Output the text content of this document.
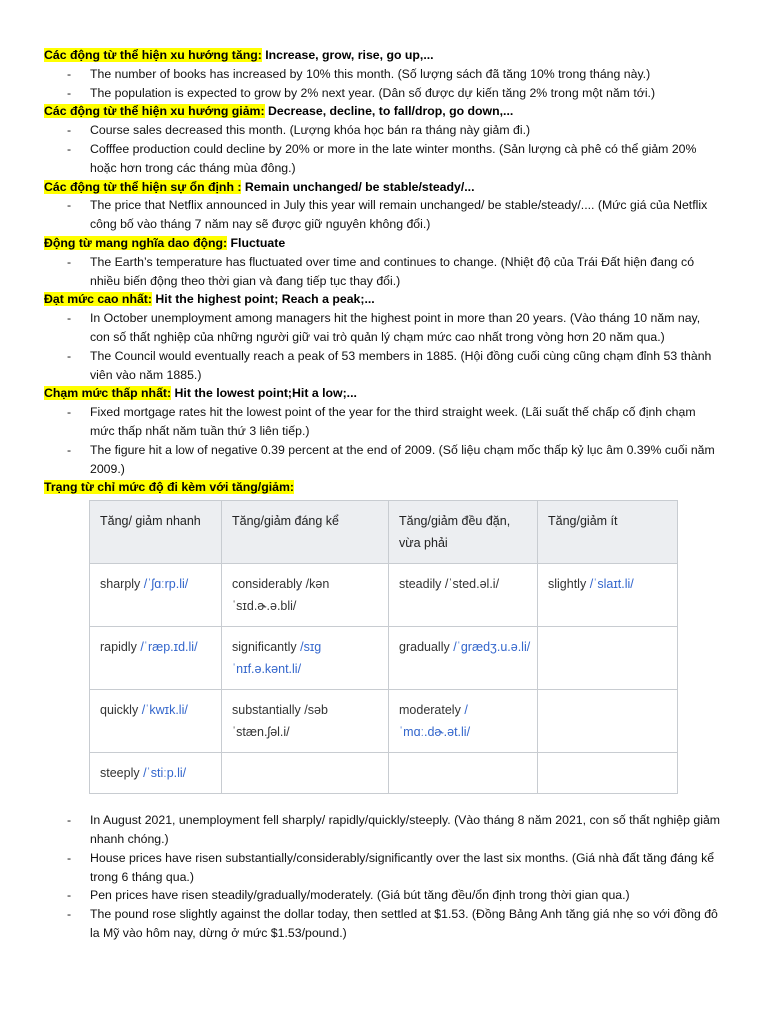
Các động từ thể hiện xu hướng tăng: Increase, grow, rise, go up,...
- The number of books has increased by 10% this month. (Số lượng sách đã tăng 10% trong tháng này.)
- The population is expected to grow by 2% next year. (Dân số được dự kiến tăng 2% trong một năm tới.)
Các động từ thể hiện xu hướng giảm: Decrease, decline, to fall/drop, go down,...
- Course sales decreased this month. (Lượng khóa học bán ra tháng này giảm đi.)
- Cofffee production could decline by 20% or more in the late winter months. (Sản lượng cà phê có thể giảm 20% hoặc hơn trong các tháng mùa đông.)
Các động từ thể hiện sự ổn định : Remain unchanged/ be stable/steady/...
- The price that Netflix announced in July this year will remain unchanged/ be stable/steady/.... (Mức giá của Netflix công bố vào tháng 7 năm nay sẽ được giữ nguyên không đổi.)
Động từ mang nghĩa dao động: Fluctuate
- The Earth’s temperature has fluctuated over time and continues to change. (Nhiệt độ của Trái Đất hiện đang có nhiều biến động theo thời gian và đang tiếp tục thay đổi.)
Đạt mức cao nhất: Hit the highest point; Reach a peak;...
- In October unemployment among managers hit the highest point in more than 20 years. (Vào tháng 10 năm nay, con số thất nghiệp của những người giữ vai trò quản lý chạm mức cao nhất trong vòng hơn 20 năm qua.)
- The Council would eventually reach a peak of 53 members in 1885. (Hội đồng cuối cùng cũng chạm đỉnh 53 thành viên vào năm 1885.)
Chạm mức thấp nhất: Hit the lowest point;Hit a low;...
- Fixed mortgage rates hit the lowest point of the year for the third straight week. (Lãi suất thế chấp cố định chạm mức thấp nhất năm tuần thứ 3 liên tiếp.)
- The figure hit a low of negative 0.39 percent at the end of 2009. (Số liệu chạm mốc thấp kỷ lục âm 0.39% cuối năm 2009.)
Trạng từ chỉ mức độ đi kèm với tăng/giảm:
Tăng/ giảm nhanh	Tăng/giảm đáng kể	Tăng/giảm đều đặn, vừa phải	Tăng/giảm ít
sharply /ˈʃɑːrp.li/	considerably /kən ˈsɪd.ɚ.ə.bli/	steadily /ˈsted.əl.i/	slightly /ˈslaɪt.li/
rapidly /ˈræp.ɪd.li/	significantly /sɪɡ ˈnɪf.ə.kənt.li/	gradually /ˈɡrædʒ.u.ə.li/	
quickly /ˈkwɪk.li/	substantially /səb ˈstæn.ʃəl.i/	moderately / ˈmɑː.dɚ.ət.li/	
steeply /ˈstiːp.li/			
- In August 2021, unemployment fell sharply/ rapidly/quickly/steeply. (Vào tháng 8 năm 2021, con số thất nghiệp giảm nhanh chóng.)
- House prices have risen substantially/considerably/significantly over the last six months. (Giá nhà đất tăng đáng kể trong 6 tháng qua.)
- Pen prices have risen steadily/gradually/moderately. (Giá bút tăng đều/ổn định trong thời gian qua.)
- The pound rose slightly against the dollar today, then settled at $1.53. (Đồng Bảng Anh tăng giá nhẹ so với đồng đô la Mỹ vào hôm nay, dừng ở mức $1.53/pound.)
